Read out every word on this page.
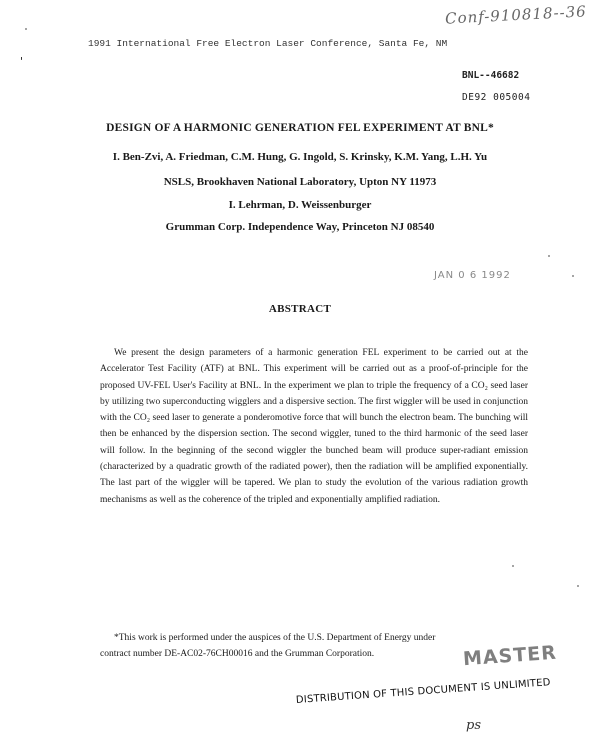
Conf-910818--36
1991 International Free Electron Laser Conference, Santa Fe, NM
'
BNL--46682
DE92 005004
DESIGN OF A HARMONIC GENERATION FEL EXPERIMENT AT BNL*
I. Ben-Zvi, A. Friedman, C.M. Hung, G. Ingold, S. Krinsky, K.M. Yang, L.H. Yu
NSLS, Brookhaven National Laboratory, Upton NY 11973
I. Lehrman, D. Weissenburger
Grumman Corp. Independence Way, Princeton NJ 08540
JAN 0 6 1992
ABSTRACT
We present the design parameters of a harmonic generation FEL experiment to be carried out at the Accelerator Test Facility (ATF) at BNL. This experiment will be carried out as a proof-of-principle for the proposed UV-FEL User's Facility at BNL. In the experiment we plan to triple the frequency of a CO₂ seed laser by utilizing two superconducting wigglers and a dispersive section. The first wiggler will be used in conjunction with the CO₂ seed laser to generate a ponderomotive force that will bunch the electron beam. The bunching will then be enhanced by the dispersion section. The second wiggler, tuned to the third harmonic of the seed laser will follow. In the beginning of the second wiggler the bunched beam will produce super-radiant emission (characterized by a quadratic growth of the radiated power), then the radiation will be amplified exponentially. The last part of the wiggler will be tapered. We plan to study the evolution of the various radiation growth mechanisms as well as the coherence of the tripled and exponentially amplified radiation.
*This work is performed under the auspices of the U.S. Department of Energy under
contract number DE-AC02-76CH00016 and the Grumman Corporation.	MASTER
DISTRIBUTION OF THIS DOCUMENT IS UNLIMITED
ps
